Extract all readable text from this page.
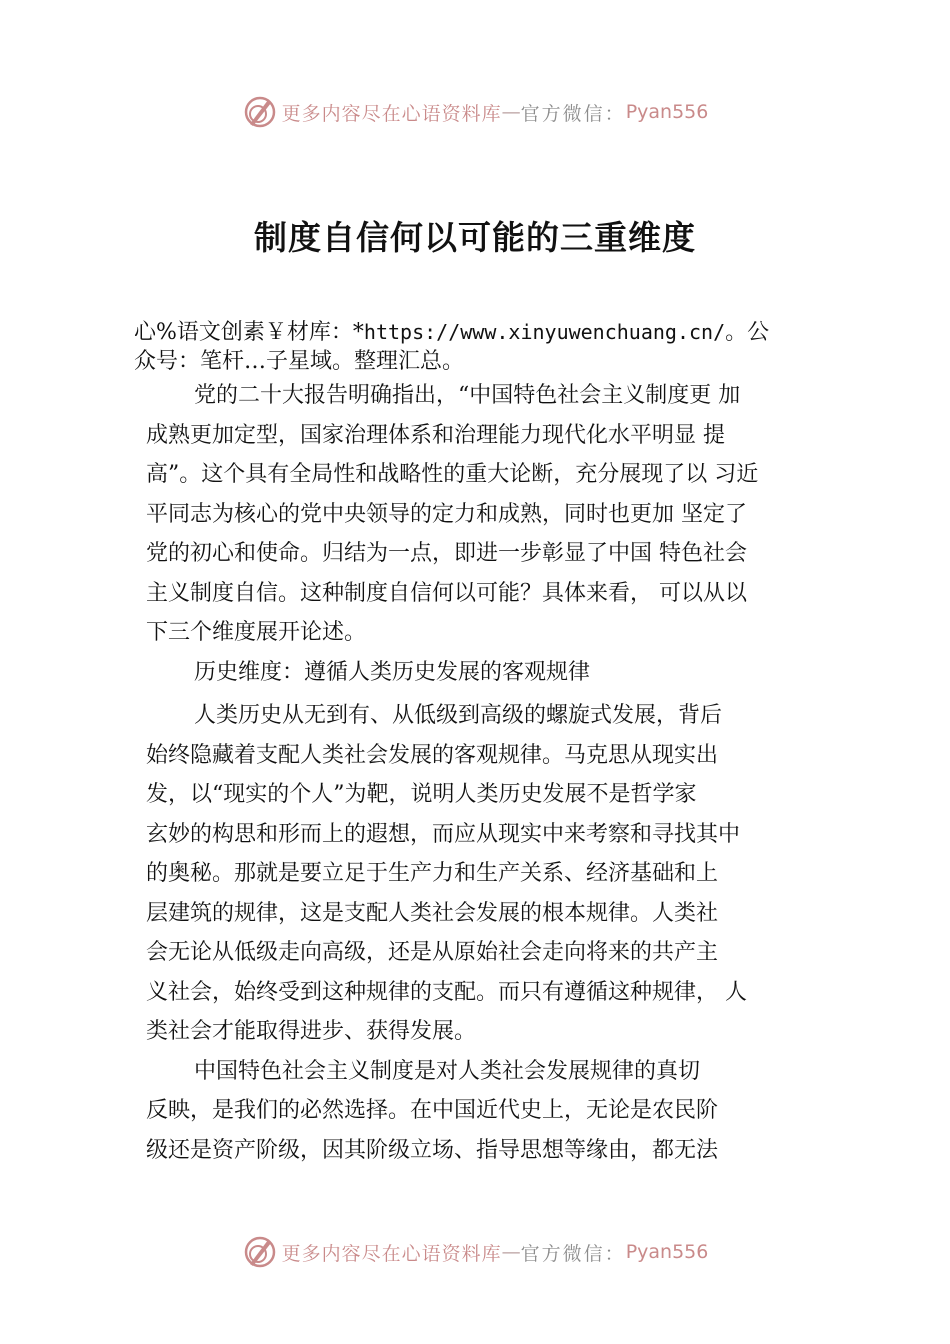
更多内容尽在心语资料库 — 官方微信： Pyan556
制度自信何以可能的三重维度
心%语文创素￥材库：*https://www.xinyuwenchuang.cn/。公
众号：笔杆…子星域。整理汇总。
党的二十大报告明确指出，“中国特色社会主义制度更 加
成熟更加定型，国家治理体系和治理能力现代化水平明显 提
高”。这个具有全局性和战略性的重大论断，充分展现了以 习近
平同志为核心的党中央领导的定力和成熟，同时也更加 坚定了
党的初心和使命。归结为一点，即进一步彰显了中国 特色社会
主义制度自信。这种制度自信何以可能？具体来看， 可以从以
下三个维度展开论述。
历史维度：遵循人类历史发展的客观规律
人类历史从无到有、从低级到高级的螺旋式发展，背后
始终隐藏着支配人类社会发展的客观规律。马克思从现实出
发，以“现实的个人”为靶，说明人类历史发展不是哲学家
玄妙的构思和形而上的遐想，而应从现实中来考察和寻找其中
的奥秘。那就是要立足于生产力和生产关系、经济基础和上
层建筑的规律，这是支配人类社会发展的根本规律。人类社
会无论从低级走向高级，还是从原始社会走向将来的共产主
义社会，始终受到这种规律的支配。而只有遵循这种规律， 人
类社会才能取得进步、获得发展。
中国特色社会主义制度是对人类社会发展规律的真切
反映，是我们的必然选择。在中国近代史上，无论是农民阶
级还是资产阶级，因其阶级立场、指导思想等缘由，都无法
更多内容尽在心语资料库 — 官方微信： Pyan556
